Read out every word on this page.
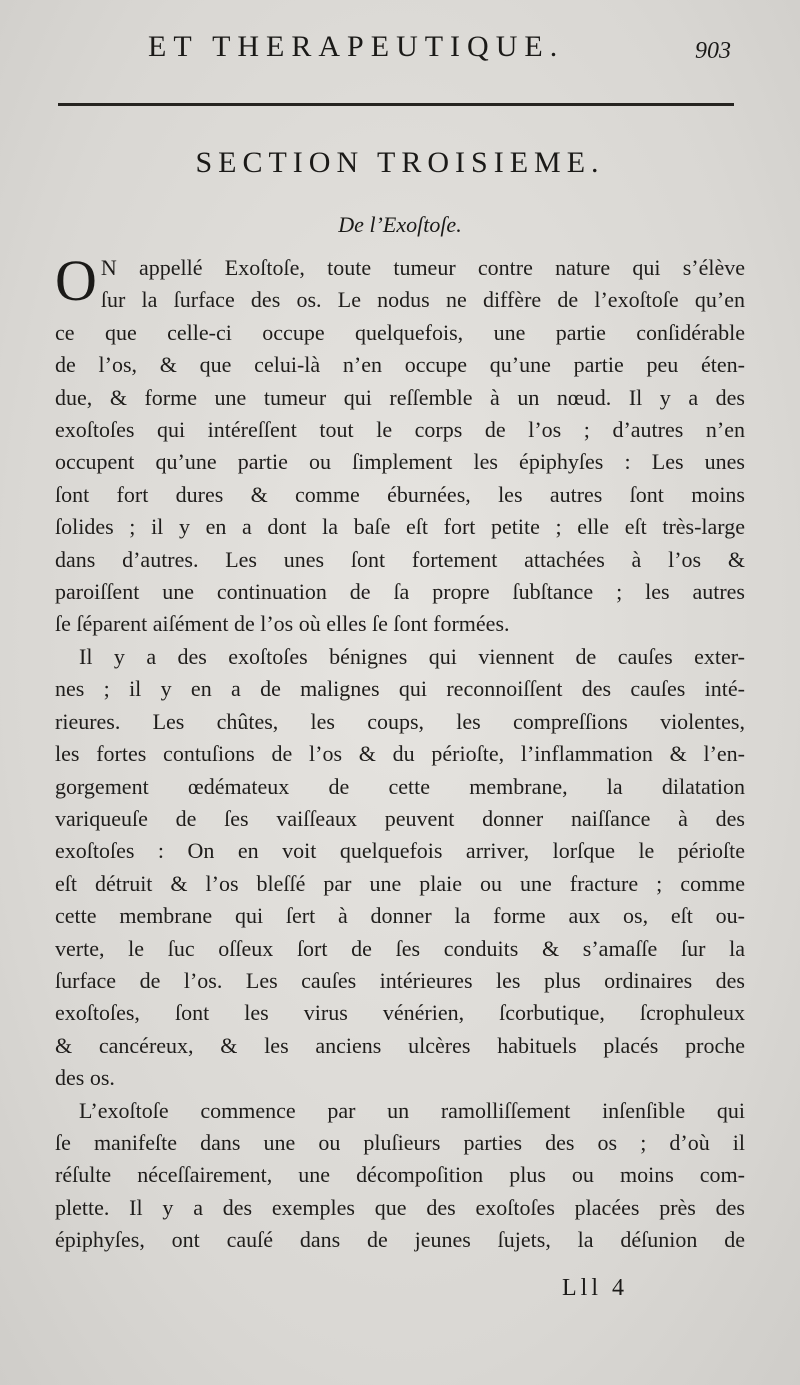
ET THERAPEUTIQUE.	903
SECTION TROISIEME.
De l’Exoſtoſe.
O N appellé Exoſtoſe, toute tumeur contre nature qui s’élève
ſur la ſurface des os. Le nodus ne diffère de l’exoſtoſe qu’en
ce que celle-ci occupe quelquefois, une partie conſidérable
de l’os, & que celui-là n’en occupe qu’une partie peu éten-
due, & forme une tumeur qui reſſemble à un nœud. Il y a des
exoſtoſes qui intéreſſent tout le corps de l’os ; d’autres n’en
occupent qu’une partie ou ſimplement les épiphyſes : Les unes
ſont fort dures & comme éburnées, les autres ſont moins
ſolides ; il y en a dont la baſe eſt fort petite ; elle eſt très-large
dans d’autres. Les unes ſont fortement attachées à l’os &
paroiſſent une continuation de ſa propre ſubſtance ; les autres
ſe ſéparent aiſément de l’os où elles ſe ſont formées.
Il y a des exoſtoſes bénignes qui viennent de cauſes exter-
nes ; il y en a de malignes qui reconnoiſſent des cauſes inté-
rieures. Les chûtes, les coups, les compreſſions violentes,
les fortes contuſions de l’os & du périoſte, l’inflammation & l’en-
gorgement œdémateux de cette membrane, la dilatation
variqueuſe de ſes vaiſſeaux peuvent donner naiſſance à des
exoſtoſes : On en voit quelquefois arriver, lorſque le périoſte
eſt détruit & l’os bleſſé par une plaie ou une fracture ; comme
cette membrane qui ſert à donner la forme aux os, eſt ou-
verte, le ſuc oſſeux ſort de ſes conduits & s’amaſſe ſur la
ſurface de l’os. Les cauſes intérieures les plus ordinaires des
exoſtoſes, ſont les virus vénérien, ſcorbutique, ſcrophuleux
& cancéreux, & les anciens ulcères habituels placés proche
des os.
L’exoſtoſe commence par un ramolliſſement inſenſible qui
ſe manifeſte dans une ou pluſieurs parties des os ; d’où il
réſulte néceſſairement, une décompoſition plus ou moins com-
plette. Il y a des exemples que des exoſtoſes placées près des
épiphyſes, ont cauſé dans de jeunes ſujets, la déſunion de
Lll 4
